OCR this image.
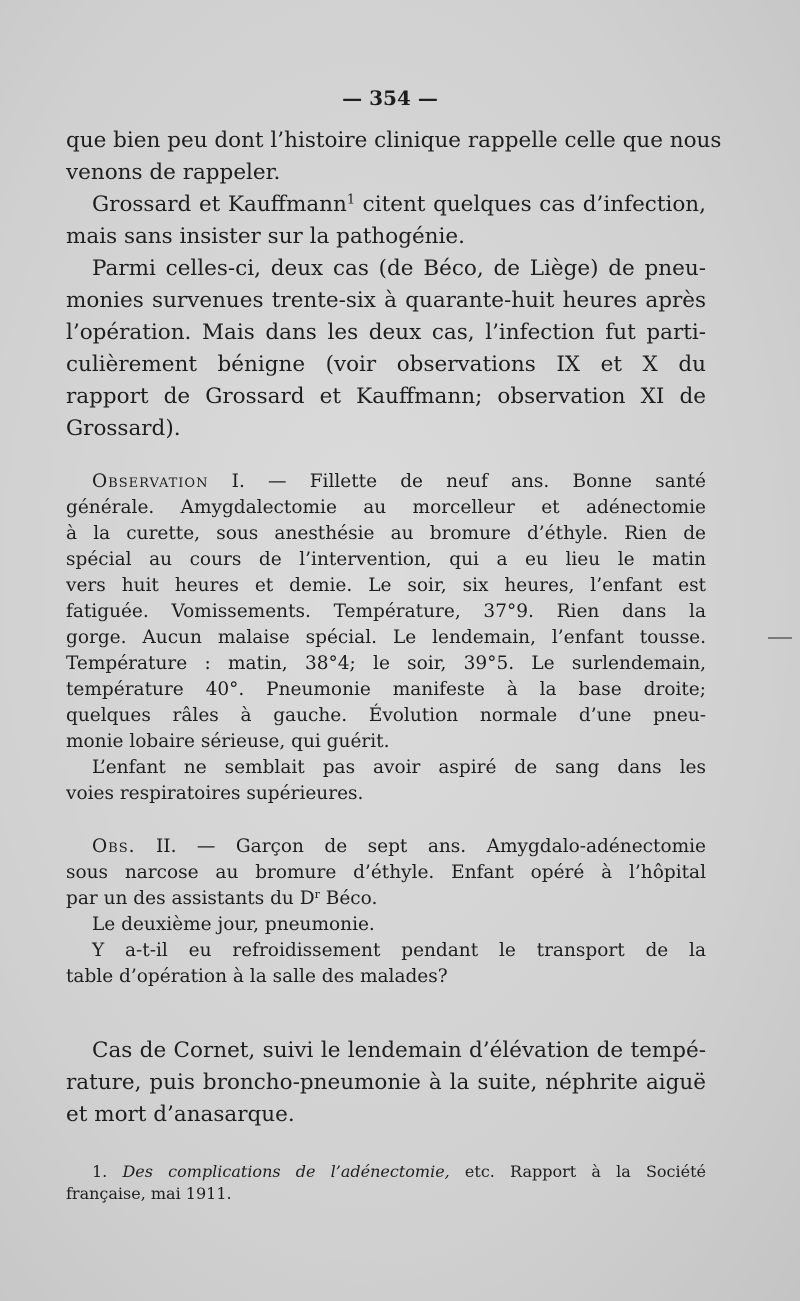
— 354 —

que bien peu dont l’histoire clinique rappelle celle que nous

venons de rappeler.

Grossard et Kauffmann$^1$ citent quelques cas d’infection,

mais sans insister sur la pathogénie.

Parmi celles-ci, deux cas (de Béco, de Liège) de pneu-

monies survenues trente-six à quarante-huit heures après

l’opération. Mais dans les deux cas, l’infection fut parti-

culièrement bénigne (voir observations IX et X du

rapport de Grossard et Kauffmann; observation XI de

Grossard).

Observation I. — Fillette de neuf ans. Bonne santé

générale. Amygdalectomie au morcelleur et adénectomie

à la curette, sous anesthésie au bromure d’éthyle. Rien de

spécial au cours de l’intervention, qui a eu lieu le matin

vers huit heures et demie. Le soir, six heures, l’enfant est

fatiguée. Vomissements. Température, 37°9. Rien dans la

gorge. Aucun malaise spécial. Le lendemain, l’enfant tousse.

Température : matin, 38°4; le soir, 39°5. Le surlendemain,

température 40°. Pneumonie manifeste à la base droite;

quelques râles à gauche. Évolution normale d’une pneu-

monie lobaire sérieuse, qui guérit.

L’enfant ne semblait pas avoir aspiré de sang dans les

voies respiratoires supérieures.

Obs. II. — Garçon de sept ans. Amygdalo-adénectomie

sous narcose au bromure d’éthyle. Enfant opéré à l’hôpital

par un des assistants du $D^r$ Béco.

Le deuxième jour, pneumonie.

Y a-t-il eu refroidissement pendant le transport de la

table d’opération à la salle des malades?

Cas de Cornet, suivi le lendemain d’élévation de tempé-

rature, puis broncho-pneumonie à la suite, néphrite aiguë

et mort d’anasarque.

1. Des complications de l’adénectomie, etc. Rapport à la Société

française, mai 1911.
